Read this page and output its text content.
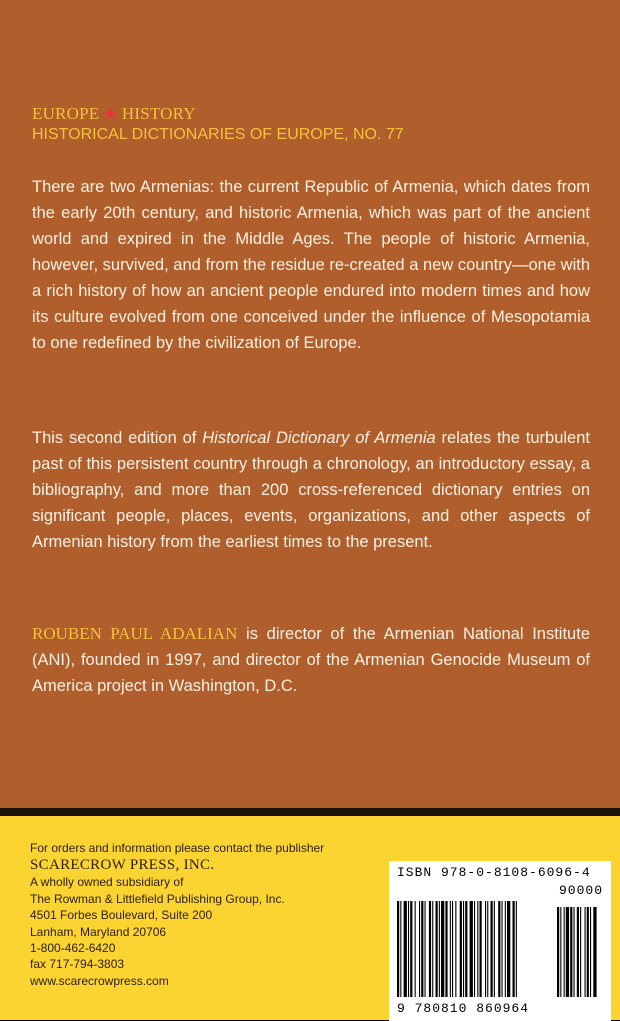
EUROPE ★ HISTORY
HISTORICAL DICTIONARIES OF EUROPE, NO. 77
There are two Armenias: the current Republic of Armenia, which dates from the early 20th century, and historic Armenia, which was part of the ancient world and expired in the Middle Ages. The people of historic Armenia, however, survived, and from the residue re-created a new country—one with a rich history of how an ancient people endured into modern times and how its culture evolved from one conceived under the influence of Mesopotamia to one redefined by the civilization of Europe.
This second edition of Historical Dictionary of Armenia relates the turbulent past of this persistent country through a chronology, an introductory essay, a bibliography, and more than 200 cross-referenced dictionary entries on significant people, places, events, organizations, and other aspects of Armenian history from the earliest times to the present.
ROUBEN PAUL ADALIAN is director of the Armenian National Institute (ANI), founded in 1997, and director of the Armenian Genocide Museum of America project in Washington, D.C.
For orders and information please contact the publisher
SCARECROW PRESS, INC.
A wholly owned subsidiary of
The Rowman & Littlefield Publishing Group, Inc.
4501 Forbes Boulevard, Suite 200
Lanham, Maryland 20706
1-800-462-6420
fax 717-794-3803
www.scarecrowpress.com
ISBN 978-0-8108-6096-4
90000
9 780810 860964
